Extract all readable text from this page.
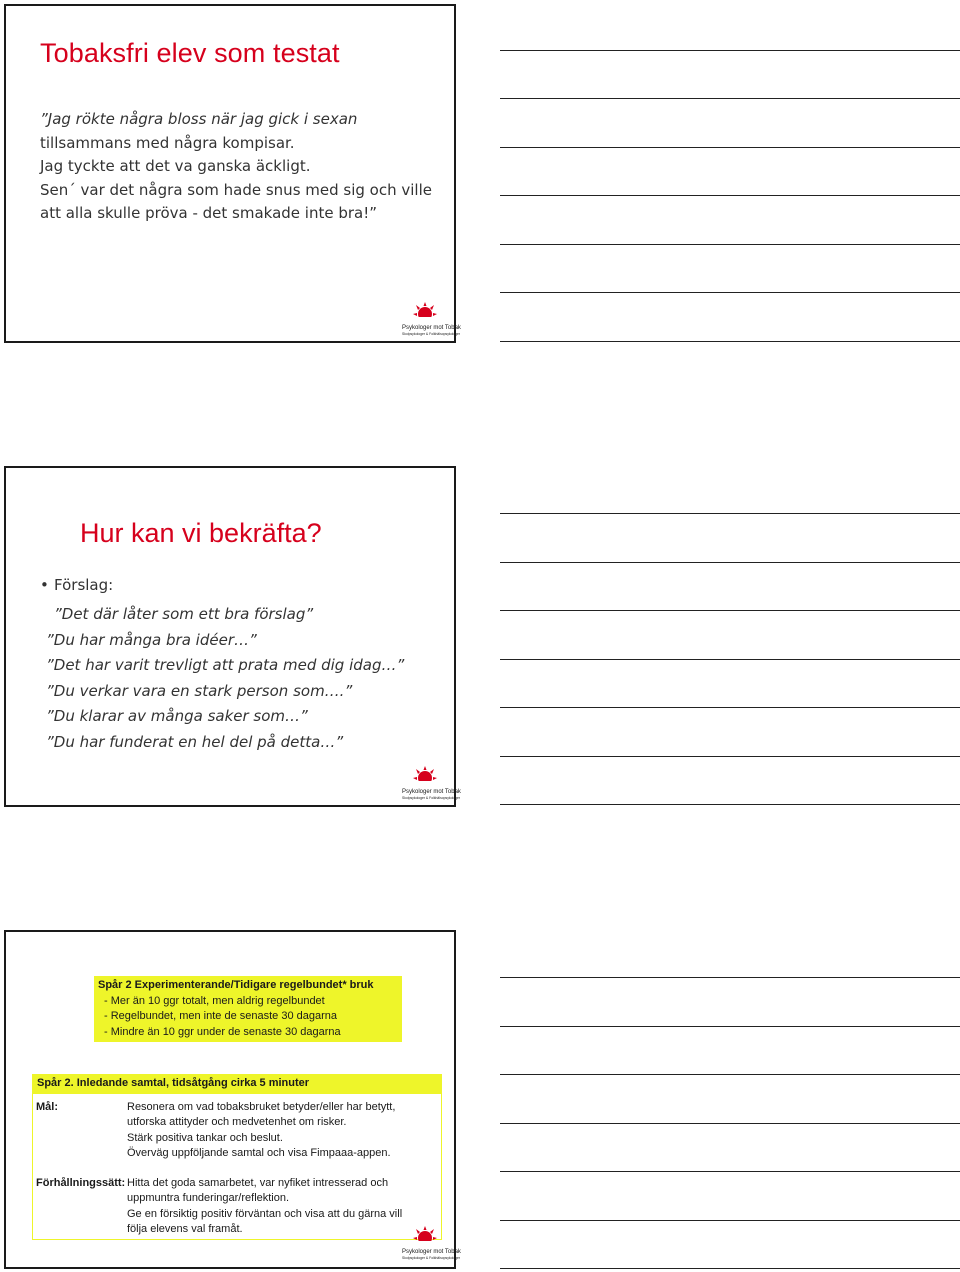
Tobaksfri elev som testat
”Jag rökte några bloss när jag gick i sexan
tillsammans med några kompisar.
Jag tyckte att det va ganska äckligt.
Sen´ var det några som hade snus med sig och ville
att alla skulle pröva - det smakade inte bra!”
Psykologer mot Tobak
Skolpsykologer & Folkhälsopsykologer
Hur kan vi bekräfta?
• Förslag:
”Det där låter som ett bra förslag”
”Du har många bra idéer…”
”Det har varit trevligt att prata med dig idag…”
”Du verkar vara en stark person som….”
”Du klarar av många saker som…”
”Du har funderat en hel del på detta…”
Psykologer mot Tobak
Skolpsykologer & Folkhälsopsykologer
Spår 2 Experimenterande/Tidigare regelbundet* bruk
- Mer än 10 ggr totalt, men aldrig regelbundet
- Regelbundet, men inte de senaste 30 dagarna
- Mindre än 10 ggr under de senaste 30 dagarna
Spår 2. Inledande samtal, tidsåtgång cirka 5 minuter
Mål:	Resonera om vad tobaksbruket betyder/eller har betytt,
utforska attityder och medvetenhet om risker.
Stärk positiva tankar och beslut.
Överväg uppföljande samtal och visa Fimpaaa-appen.
Förhållningssätt: Hitta det goda samarbetet, var nyfiket intresserad och
uppmuntra funderingar/reflektion.
Ge en försiktig positiv förväntan och visa att du gärna vill
följa elevens val framåt.
Psykologer mot Tobak
Skolpsykologer & Folkhälsopsykologer
